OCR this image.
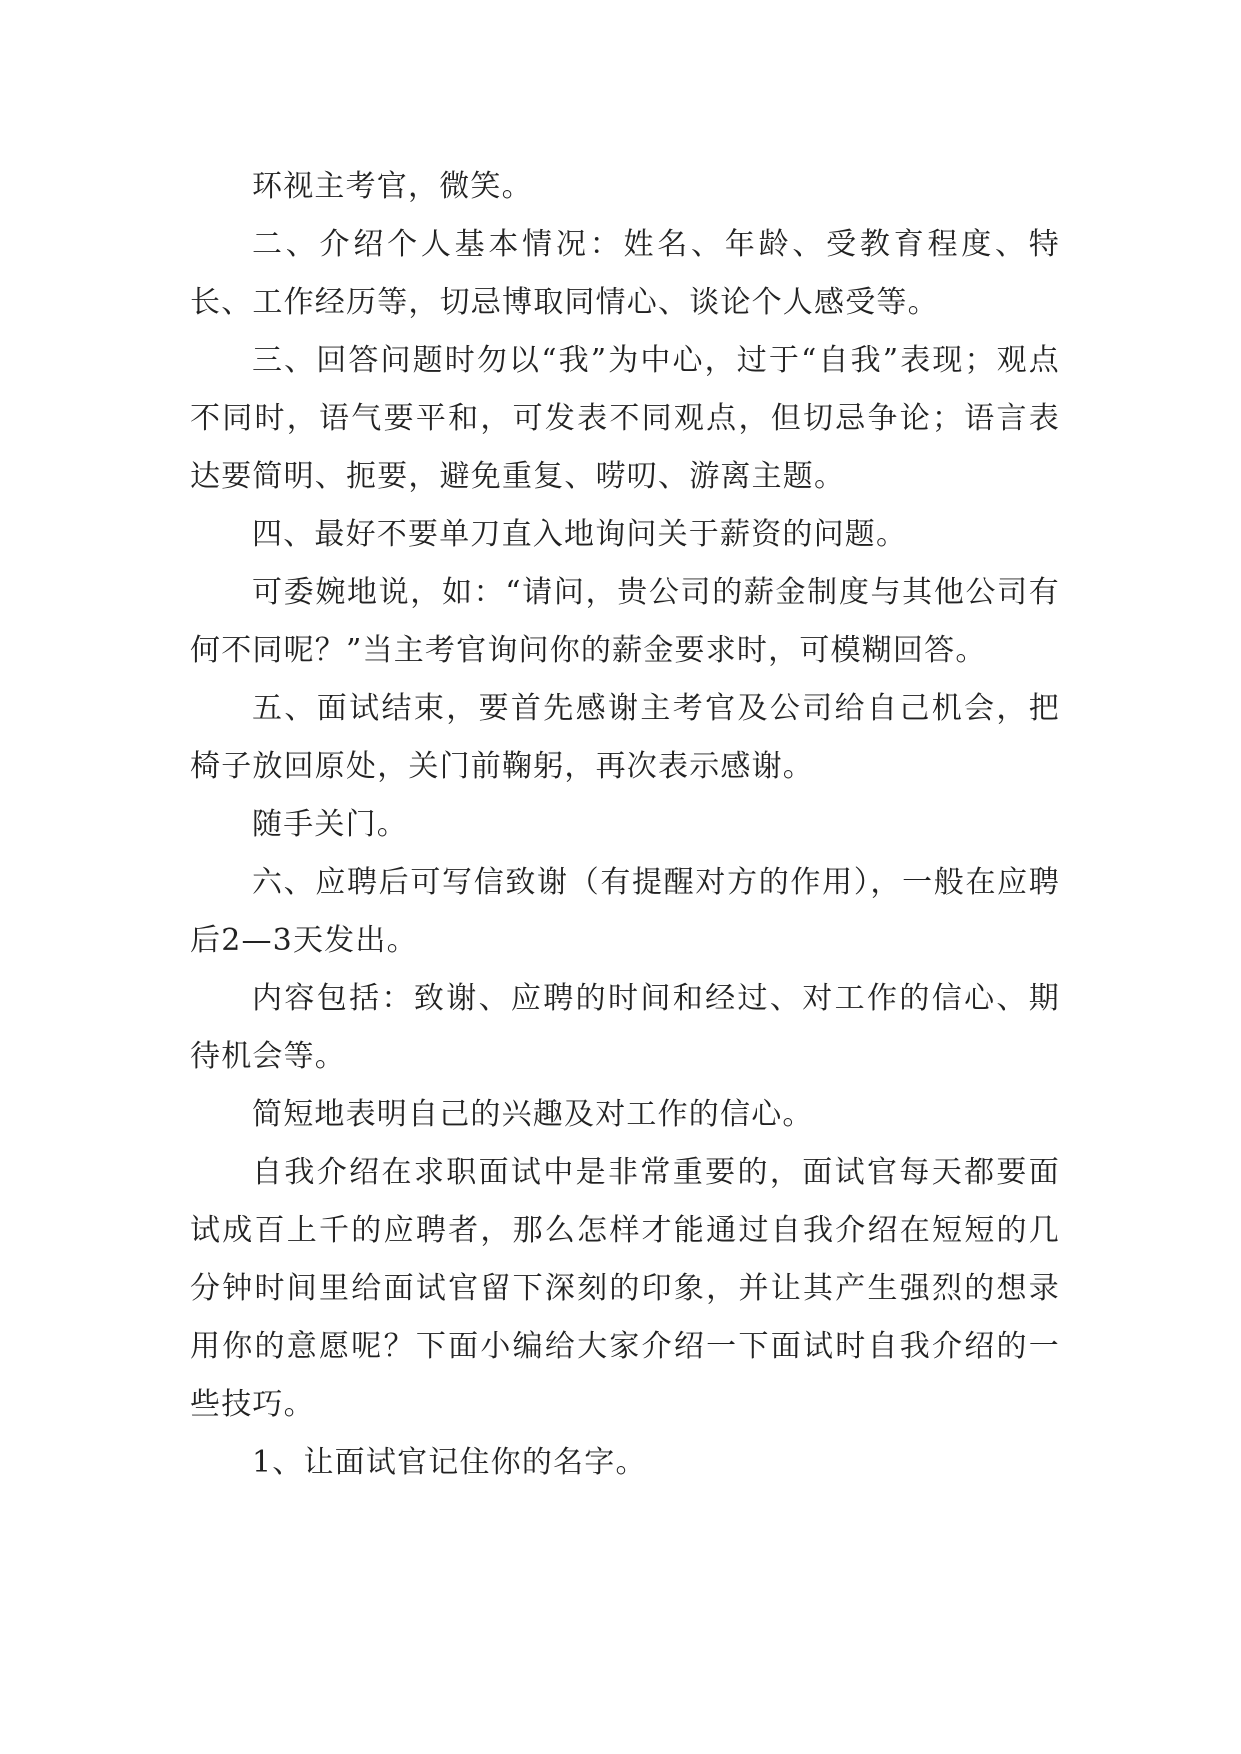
环视主考官，微笑。

二、介绍个人基本情况：姓名、年龄、受教育程度、特长、工作经历等，切忌博取同情心、谈论个人感受等。

三、回答问题时勿以“我”为中心，过于“自我”表现；观点不同时，语气要平和，可发表不同观点，但切忌争论；语言表达要简明、扼要，避免重复、唠叨、游离主题。

四、最好不要单刀直入地询问关于薪资的问题。

可委婉地说，如：“请问，贵公司的薪金制度与其他公司有何不同呢？”当主考官询问你的薪金要求时，可模糊回答。

五、面试结束，要首先感谢主考官及公司给自己机会，把椅子放回原处，关门前鞠躬，再次表示感谢。

随手关门。

六、应聘后可写信致谢（有提醒对方的作用），一般在应聘后2—3天发出。

内容包括：致谢、应聘的时间和经过、对工作的信心、期待机会等。

简短地表明自己的兴趣及对工作的信心。

自我介绍在求职面试中是非常重要的，面试官每天都要面试成百上千的应聘者，那么怎样才能通过自我介绍在短短的几分钟时间里给面试官留下深刻的印象，并让其产生强烈的想录用你的意愿呢？下面小编给大家介绍一下面试时自我介绍的一些技巧。

1、让面试官记住你的名字。
